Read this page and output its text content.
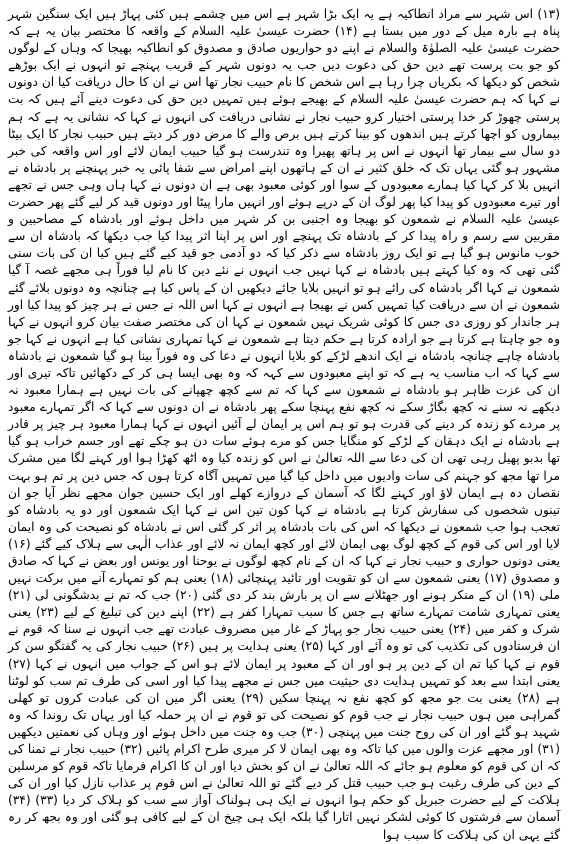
(۱۳) اس شہر سے مراد انطاکیہ ہے یہ ایک بڑا شہر ہے اس میں چشمے ہیں کئی پہاڑ ہیں ایک سنگین شہر پناہ ہے بارہ میل کے دور میں بستا ہے (۱۴) حضرت عیسیٰ علیہ السلام کے واقعہ کا مختصر بیان یہ ہے کہ حضرت عیسیٰ علیہ الصلوٰۃ والسلام نے اپنے دو حواریوں صادق و مصدوق کو انطاکیہ بھیجا کہ وہاں کے لوگوں کو جو بت پرست تھے دین حق کی دعوت دیں جب یہ دونوں شہر کے قریب پہنچے تو انہوں نے ایک بوڑھے شخص کو دیکھا کہ بکریاں چرا رہا ہے اس شخص کا نام حبیب نجار تھا اس نے ان کا حال دریافت کیا ان دونوں نے کہا کہ ہم حضرت عیسیٰ علیہ السلام کے بھیجے ہوئے ہیں تمہیں دین حق کی دعوت دینے آئے ہیں کہ بت پرستی چھوڑ کر خدا پرستی اختیار کرو حبیب نجار نے نشانی دریافت کی انہوں نے کہا کہ نشانی یہ ہے کہ ہم بیماروں کو اچھا کرتے ہیں اندھوں کو بینا کرتے ہیں برص والے کا مرض دور کر دیتے ہیں حبیب نجار کا ایک بیٹا دو سال سے بیمار تھا انہوں نے اس پر ہاتھ پھیرا وہ تندرست ہو گیا حبیب ایمان لائے اور اس واقعہ کی خبر مشہور ہو گئی یہاں تک کہ خلق کثیر نے ان کے ہاتھوں اپنے امراض سے شفا پائی یہ خبر پہنچنے پر بادشاہ نے انہیں بلا کر کہا کیا ہمارے معبودوں کے سوا اور کوئی معبود بھی ہے ان دونوں نے کہا ہاں وہی جس نے تجھے اور تیرے معبودوں کو پیدا کیا پھر لوگ ان کے درپے ہوئے اور انہیں مارا پیٹا اور دونوں قید کر لیے گئے پھر حضرت عیسیٰ علیہ السلام نے شمعون کو بھیجا وہ اجنبی بن کر شہر میں داخل ہوئے اور بادشاہ کے مصاحبین و مقربین سے رسم و راہ پیدا کر کے بادشاہ تک پہنچے اور اس پر اپنا اثر پیدا کیا جب دیکھا کہ بادشاہ ان سے خوب مانوس ہو گیا ہے تو ایک روز بادشاہ سے ذکر کیا کہ دو آدمی جو قید کیے گئے ہیں کیا ان کی بات سنی گئی تھی کہ وہ کیا کہتے ہیں بادشاہ نے کہا نہیں جب انہوں نے نئے دین کا نام لیا فوراً ہی مجھے غصہ آ گیا شمعون نے کہا اگر بادشاہ کی رائے ہو تو انہیں بلایا جائے دیکھیں ان کے پاس کیا ہے چنانچہ وہ دونوں بلائے گئے شمعون نے ان سے دریافت کیا تمہیں کس نے بھیجا ہے انہوں نے کہا اس اللہ نے جس نے ہر چیز کو پیدا کیا اور ہر جاندار کو روزی دی جس کا کوئی شریک نہیں شمعون نے کہا ان کی مختصر صفت بیان کرو انہوں نے کہا وہ جو چاہتا ہے کرتا ہے جو ارادہ کرتا ہے حکم دیتا ہے شمعون نے کہا تمہاری نشانی کیا ہے انہوں نے کہا جو بادشاہ چاہے چنانچہ بادشاہ نے ایک اندھے لڑکے کو بلایا انہوں نے دعا کی وہ فوراً بینا ہو گیا شمعون نے بادشاہ سے کہا کہ اب مناسب یہ ہے کہ تو اپنے معبودوں سے کہہ کہ وہ بھی ایسا ہی کر کے دکھائیں تاکہ تیری اور ان کی عزت ظاہر ہو بادشاہ نے شمعون سے کہا کہ تم سے کچھ چھپانے کی بات نہیں ہے ہمارا معبود نہ دیکھے نہ سنے نہ کچھ بگاڑ سکے نہ کچھ نفع پہنچا سکے پھر بادشاہ نے ان دونوں سے کہا کہ اگر تمہارے معبود پر مردے کو زندہ کر دینے کی قدرت ہو تو ہم اس پر ایمان لے آئیں انہوں نے کہا ہمارا معبود ہر چیز پر قادر ہے بادشاہ نے ایک دہقان کے لڑکے کو منگایا جس کو مرے ہوئے سات دن ہو چکے تھے اور جسم خراب ہو گیا تھا بدبو پھیل رہی تھی ان کی دعا سے اللہ تعالیٰ نے اس کو زندہ کیا وہ اٹھ کھڑا ہوا اور کہنے لگا میں مشرک مرا تھا مجھ کو جہنم کی سات وادیوں میں داخل کیا گیا میں تمہیں آگاہ کرتا ہوں کہ جس دین پر تم ہو بہت نقصان دہ ہے ایمان لاؤ اور کہنے لگا کہ آسمان کے دروازے کھلے اور ایک حسین جوان مجھے نظر آیا جو ان تینوں شخصوں کی سفارش کرتا ہے بادشاہ نے کہا کون تین اس نے کہا ایک شمعون اور دو یہ بادشاہ کو تعجب ہوا جب شمعون نے دیکھا کہ اس کی بات بادشاہ پر اثر کر گئی اس نے بادشاہ کو نصیحت کی وہ ایمان لایا اور اس کی قوم کے کچھ لوگ بھی ایمان لائے اور کچھ ایمان نہ لائے اور عذاب الٰہی سے ہلاک کیے گئے (۱۶) یعنی دونوں حواری و حبیب نجار نے کہا کہ ان کے نام کچھ لوگوں نے یوحنا اور یونس اور بعض نے کہا کہ صادق و مصدوق (۱۷) یعنی شمعون سے ان کو تقویت اور تائید پہنچائی (۱۸) یعنی ہم کو تمہارے آنے میں برکت نہیں ملی (۱۹) ان کے منکر ہونے اور جھٹلانے سے ان پر بارش بند کر دی گئی (۲۰) جب کہ تم نے بدشگونی لی (۲۱) یعنی تمہاری شامت تمہارے ساتھ ہے جس کا سبب تمہارا کفر ہے (۲۲) اپنے دین کی تبلیغ کے لیے (۲۳) یعنی شرک و کفر میں (۲۴) یعنی حبیب نجار جو پہاڑ کے غار میں مصروف عبادت تھے جب انہوں نے سنا کہ قوم نے ان فرستادوں کی تکذیب کی تو وہ آئے اور کہا (۲۵) یعنی ہدایت پر ہیں (۲۶) حبیب نجار کی یہ گفتگو سن کر قوم نے کہا کیا تم ان کے دین پر ہو اور ان کے معبود پر ایمان لائے ہو اس کے جواب میں انہوں نے کہا (۲۷) یعنی ابتدا سے بعد کو تمہیں ہدایت دی حیثیت میں جس نے مجھے پیدا کیا اور اسی کی طرف تم سب کو لوٹنا ہے (۲۸) یعنی بت جو مجھ کو کچھ نفع نہ پہنچا سکیں (۲۹) یعنی اگر میں ان کی عبادت کروں تو کھلی گمراہی میں ہوں حبیب نجار نے جب قوم کو نصیحت کی تو قوم نے ان پر حملہ کیا اور یہاں تک روندا کہ وہ شہید ہو گئے اور ان کی روح جنت میں پہنچی (۳۰) جب وہ جنت میں داخل ہوئے اور وہاں کی نعمتیں دیکھیں (۳۱) اور مجھے عزت والوں میں کیا تاکہ وہ بھی ایمان لا کر میری طرح اکرام پائیں (۳۲) حبیب نجار نے تمنا کی کہ ان کی قوم کو معلوم ہو جائے کہ اللہ تعالیٰ نے ان کو بخش دیا اور ان کا اکرام فرمایا تاکہ قوم کو مرسلین کے دین کی طرف رغبت ہو جب حبیب قتل کر دیے گئے تو اللہ تعالیٰ نے اس قوم پر عذاب نازل کیا اور ان کی ہلاکت کے لیے حضرت جبریل کو حکم ہوا انہوں نے ایک ہی ہولناک آواز سے سب کو ہلاک کر دیا (۳۳) (۳۴) آسمان سے فرشتوں کا کوئی لشکر نہیں اتارا گیا بلکہ ایک ہی چیخ ان کے لیے کافی ہو گئی اور وہ بجھ کر رہ گئے یہی ان کی ہلاکت کا سبب ہوا
